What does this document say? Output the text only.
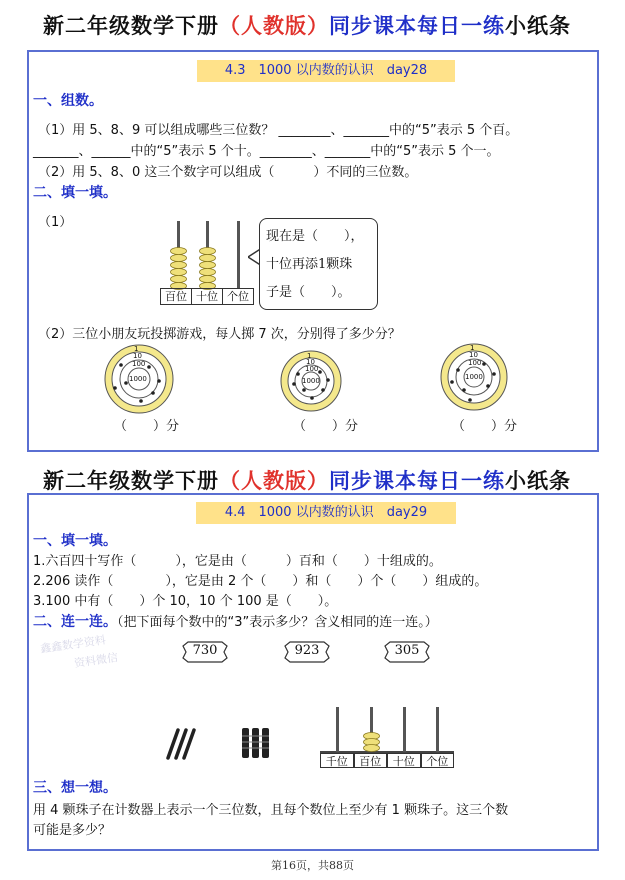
新二年级数学下册（人教版）同步课本每日一练小纸条
4.3　1000 以内数的认识　day28
一、组数。
（1）用 5、8、9 可以组成哪些三位数？ ________、_______中的“5”表示 5 个百。
_______、______中的“5”表示 5 个十。________、_______中的“5”表示 5 个一。
（2）用 5、8、0 这三个数字可以组成（　　　）不同的三位数。
二、填一填。
（1）
百位 十位 个位
现在是（　　），
十位再添1颗珠
子是（　　）。
（2）三位小朋友玩投掷游戏，每人掷 7 次，分别得了多少分？
1
10
100
1000
（　　）分
1
10
100
1000
（　　）分
1
10
100
1000
（　　）分
新二年级数学下册（人教版）同步课本每日一练小纸条
4.4　1000 以内数的认识　day29
一、填一填。
1.六百四十写作（　　　），它是由（　　　）百和（　　）十组成的。
2.206 读作（　　　　），它是由 2 个（　　）和（　　）个（　　）组成的。
3.100 中有（　　）个 10，10 个 100 是（　　）。
二、连一连。（把下面每个数中的“3”表示多少？含义相同的连一连。）
鑫鑫数学资料
资料微信
730	923	305
千位	百位	十位	个位
三、想一想。
用 4 颗珠子在计数器上表示一个三位数，且每个数位上至少有 1 颗珠子。这三个数
可能是多少？
第16页，共88页
